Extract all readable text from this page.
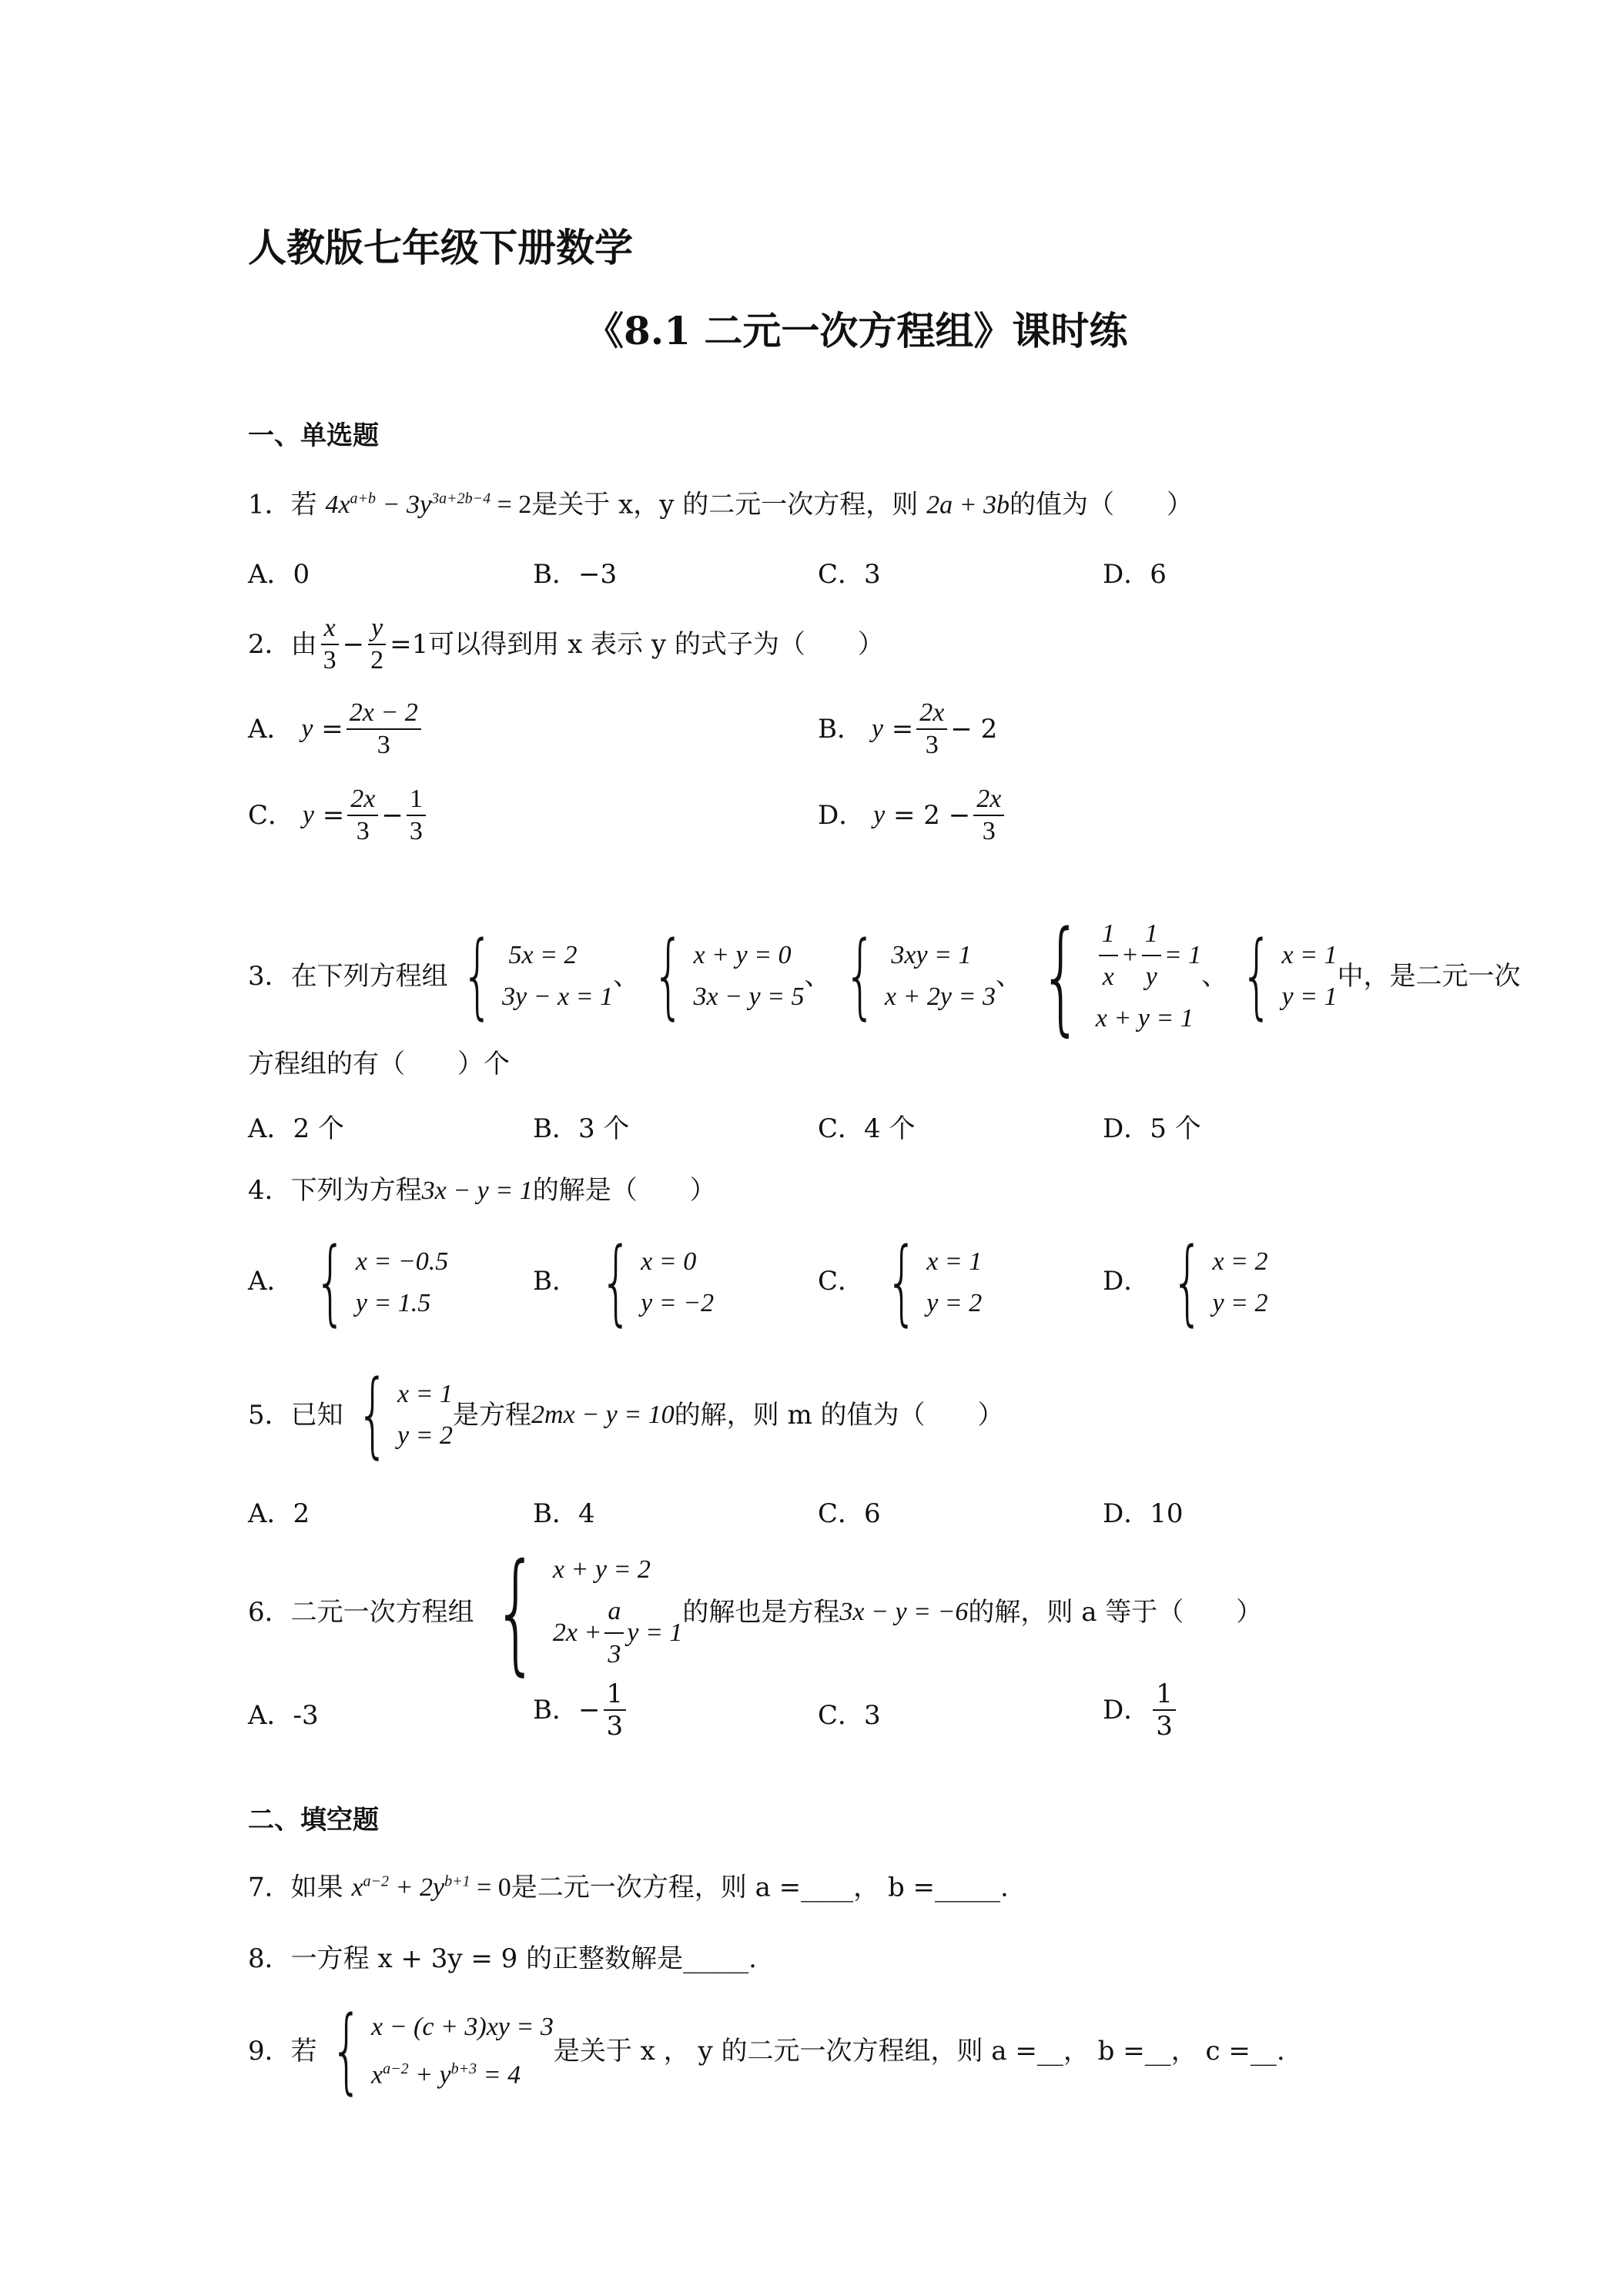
人教版七年级下册数学
《8.1 二元一次方程组》课时练
一、单选题
1．若 $4x^{a+b} - 3y^{3a+2b-4} = 2$是关于 x，y 的二元一次方程，则 2a + 3b的值为（　　）
A．0	B．−3	C．3	D．6
2． 由 $\frac{x}{3} - \frac{y}{2} =1$ 可以得到用 x 表示 y 的式子为（　　）
A．
$y = \frac{2x - 2}{3}$	B．
$y = \frac{2x}{3} - 2$
C．
$y = \frac{2x}{3} - \frac{1}{3}$	D．
$y = 2 - \frac{2x}{3}$
3． 在下列方程组 { 5x = 2
3y − x = 1
、 { x + y = 0
3x − y = 5
、 { 3xy = 1
x + 2y = 3
、 { $\frac{1}{x} + \frac{1}{y} = 1$
x + y = 1
、 { x = 1
y = 1
中，是二元一次
方程组的有（　　）个
A．2 个	B．3 个	C．4 个	D．5 个
4．下列为方程3x − y = 1的解是（　　）
A． { x = −0.5
y = 1.5
B． { x = 0
y = −2
C． { x = 1
y = 2
D． { x = 2
y = 2
5． 已知 { x = 1
y = 2
是方程 2mx − y = 10 的解，则 m 的值为（　　）
A．2	B．4	C．6	D．10
6． 二元一次方程组 { x + y = 2
$2x + \frac{a}{3}$ y = 1
的解也是方程 3x − y = −6 的解，则 a 等于（　　）
A．-3	B． − $\frac{1}{3}$	C．3	D． $\frac{1}{3}$
二、填空题
7．如果 $x^{a-2} + 2y^{b+1} = 0$是二元一次方程，则 a =____， b =_____.
8．一方程 x + 3y = 9 的正整数解是_____.
9． 若 { x − (c + 3)xy = 3
$x^{a-2} + y^{b+3} = 4$
是关于 x ， y 的二元一次方程组，则 a =__， b =__， c =__.
